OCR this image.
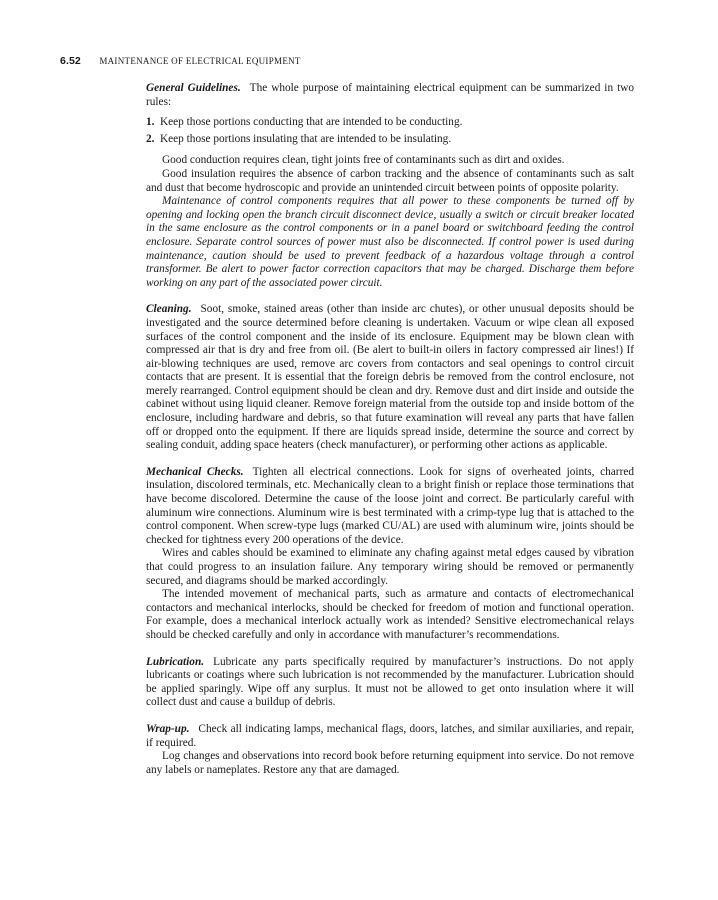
6.52 MAINTENANCE OF ELECTRICAL EQUIPMENT

General Guidelines. The whole purpose of maintaining electrical equipment can be summarized in two rules:

1. Keep those portions conducting that are intended to be conducting.
2. Keep those portions insulating that are intended to be insulating.

Good conduction requires clean, tight joints free of contaminants such as dirt and oxides.

Good insulation requires the absence of carbon tracking and the absence of contaminants such as salt and dust that become hydroscopic and provide an unintended circuit between points of opposite polarity.

Maintenance of control components requires that all power to these components be turned off by opening and locking open the branch circuit disconnect device, usually a switch or circuit breaker located in the same enclosure as the control components or in a panel board or switchboard feeding the control enclosure. Separate control sources of power must also be disconnected. If control power is used during maintenance, caution should be used to prevent feedback of a hazardous voltage through a control transformer. Be alert to power factor correction capacitors that may be charged. Discharge them before working on any part of the associated power circuit.

Cleaning. Soot, smoke, stained areas (other than inside arc chutes), or other unusual deposits should be investigated and the source determined before cleaning is undertaken. Vacuum or wipe clean all exposed surfaces of the control component and the inside of its enclosure. Equipment may be blown clean with compressed air that is dry and free from oil. (Be alert to built-in oilers in factory compressed air lines!) If air-blowing techniques are used, remove arc covers from contactors and seal openings to control circuit contacts that are present. It is essential that the foreign debris be removed from the control enclosure, not merely rearranged. Control equipment should be clean and dry. Remove dust and dirt inside and outside the cabinet without using liquid cleaner. Remove foreign material from the outside top and inside bottom of the enclosure, including hardware and debris, so that future examination will reveal any parts that have fallen off or dropped onto the equipment. If there are liquids spread inside, determine the source and correct by sealing conduit, adding space heaters (check manufacturer), or performing other actions as applicable.

Mechanical Checks. Tighten all electrical connections. Look for signs of overheated joints, charred insulation, discolored terminals, etc. Mechanically clean to a bright finish or replace those terminations that have become discolored. Determine the cause of the loose joint and correct. Be particularly careful with aluminum wire connections. Aluminum wire is best terminated with a crimp-type lug that is attached to the control component. When screw-type lugs (marked CU/AL) are used with aluminum wire, joints should be checked for tightness every 200 operations of the device.

Wires and cables should be examined to eliminate any chafing against metal edges caused by vibration that could progress to an insulation failure. Any temporary wiring should be removed or permanently secured, and diagrams should be marked accordingly.

The intended movement of mechanical parts, such as armature and contacts of electromechanical contactors and mechanical interlocks, should be checked for freedom of motion and functional operation. For example, does a mechanical interlock actually work as intended? Sensitive electromechanical relays should be checked carefully and only in accordance with manufacturer’s recommendations.

Lubrication. Lubricate any parts specifically required by manufacturer’s instructions. Do not apply lubricants or coatings where such lubrication is not recommended by the manufacturer. Lubrication should be applied sparingly. Wipe off any surplus. It must not be allowed to get onto insulation where it will collect dust and cause a buildup of debris.

Wrap-up. Check all indicating lamps, mechanical flags, doors, latches, and similar auxiliaries, and repair, if required.

Log changes and observations into record book before returning equipment into service. Do not remove any labels or nameplates. Restore any that are damaged.
